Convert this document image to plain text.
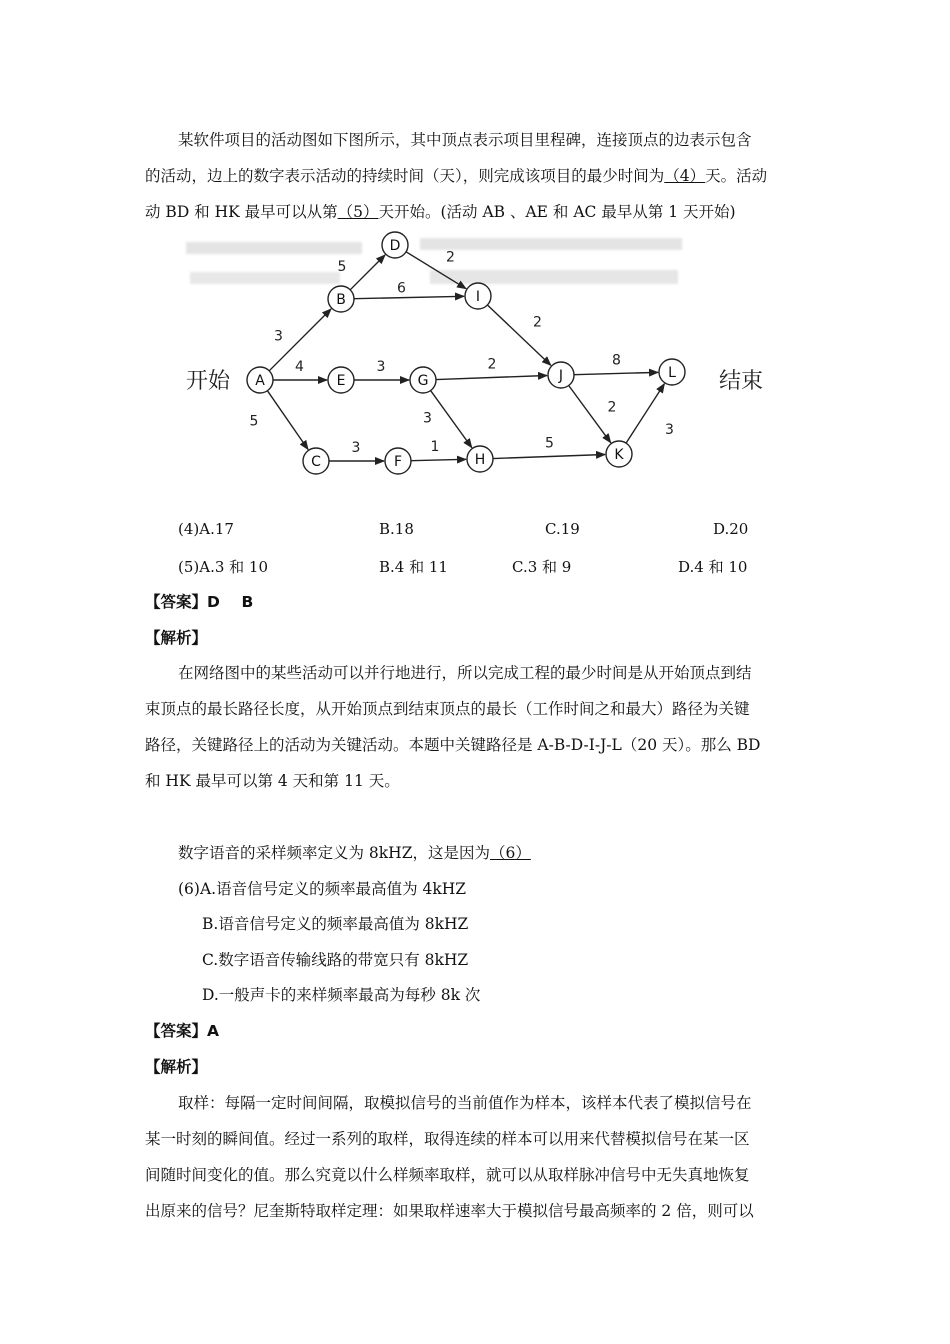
某软件项目的活动图如下图所示，其中顶点表示项目里程碑，连接顶点的边表示包含
的活动，边上的数字表示活动的持续时间（天），则完成该项目的最少时间为（4）天。活动
动 BD 和 HK 最早可以从第（5）天开始。(活动 AB 、AE 和 AC 最早从第 1 天开始)
开始	结束
3
4
5
5
6
2
3
3	1
2
3
2
8
2
5
3
A
B
C
D
E
F
G
H
I
J
K
L
(4)A.17	B.18	C.19	D.20
(5)A.3 和 10	B.4 和 11	C.3 和 9	D.4 和 10
【答案】D    B
【解析】
在网络图中的某些活动可以并行地进行，所以完成工程的最少时间是从开始顶点到结
束顶点的最长路径长度，从开始顶点到结束顶点的最长（工作时间之和最大）路径为关键
路径，关键路径上的活动为关键活动。本题中关键路径是 A-B-D-I-J-L（20 天）。那么 BD
和 HK 最早可以第 4 天和第 11 天。
数字语音的采样频率定义为 8kHZ，这是因为（6）
(6)A.语音信号定义的频率最高值为 4kHZ
B.语音信号定义的频率最高值为 8kHZ
C.数字语音传输线路的带宽只有 8kHZ
D.一般声卡的来样频率最高为每秒 8k 次
【答案】A
【解析】
取样：每隔一定时间间隔，取模拟信号的当前值作为样本，该样本代表了模拟信号在
某一时刻的瞬间值。经过一系列的取样，取得连续的样本可以用来代替模拟信号在某一区
间随时间变化的值。那么究竟以什么样频率取样，就可以从取样脉冲信号中无失真地恢复
出原来的信号？尼奎斯特取样定理：如果取样速率大于模拟信号最高频率的 2 倍，则可以
